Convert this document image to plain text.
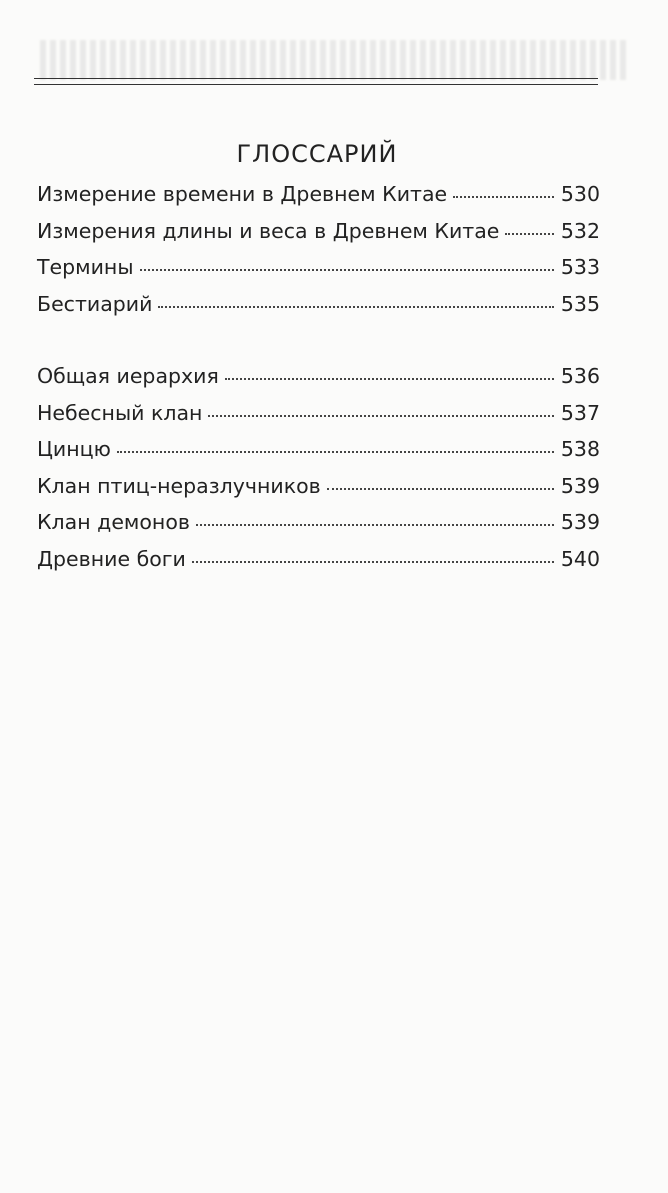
ГЛОССАРИЙ
Измерение времени в Древнем Китае	530
Измерения длины и веса в Древнем Китае	532
Термины	533
Бестиарий	535
Общая иерархия	536
Небесный клан	537
Цинцю	538
Клан птиц-неразлучников	539
Клан демонов	539
Древние боги	540
